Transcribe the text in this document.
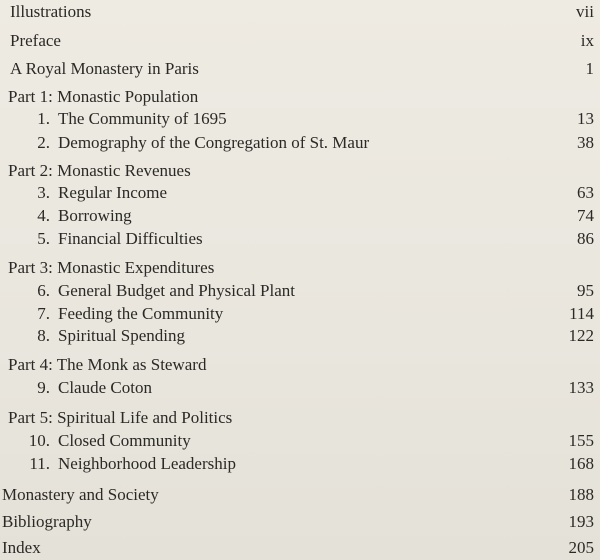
Illustrations	vii
Preface	ix
A Royal Monastery in Paris	1
Part 1: Monastic Population
1. The Community of 1695	13
2. Demography of the Congregation of St. Maur	38
Part 2: Monastic Revenues
3. Regular Income	63
4. Borrowing	74
5. Financial Difficulties	86
Part 3: Monastic Expenditures
6. General Budget and Physical Plant	95
7. Feeding the Community	114
8. Spiritual Spending	122
Part 4: The Monk as Steward
9. Claude Coton	133
Part 5: Spiritual Life and Politics
10. Closed Community	155
11. Neighborhood Leadership	168
Monastery and Society	188
Bibliography	193
Index	205
